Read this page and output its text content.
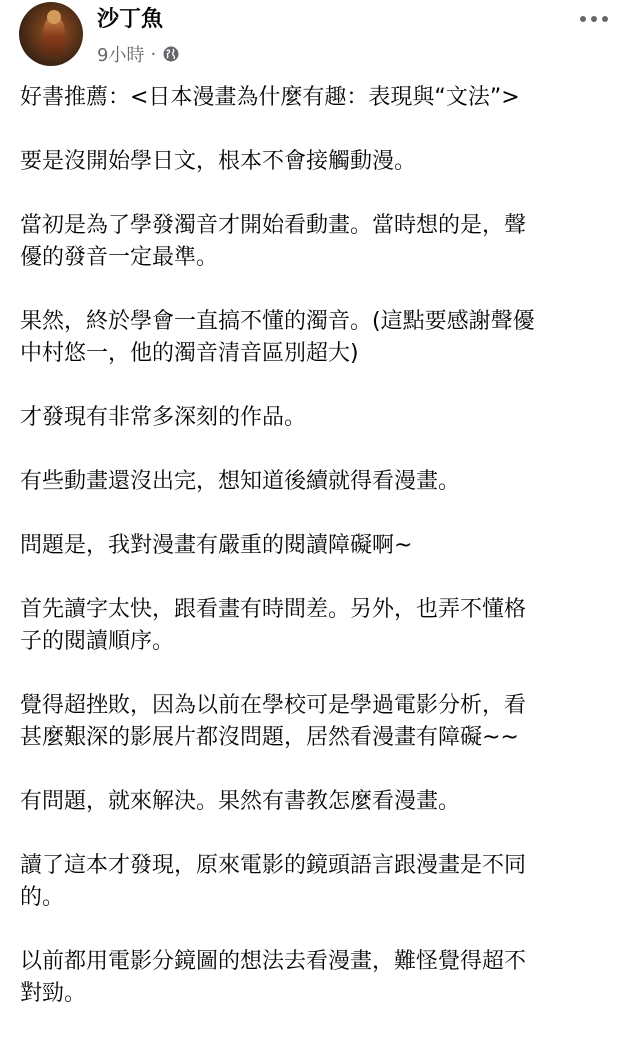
沙丁魚
9小時 ·

好書推薦：<日本漫畫為什麼有趣：表現與“文法”>

要是沒開始學日文，根本不會接觸動漫。

當初是為了學發濁音才開始看動畫。當時想的是，聲
優的發音一定最準。

果然，終於學會一直搞不懂的濁音。(這點要感謝聲優
中村悠一，他的濁音清音區別超大)

才發現有非常多深刻的作品。

有些動畫還沒出完，想知道後續就得看漫畫。

問題是，我對漫畫有嚴重的閱讀障礙啊~

首先讀字太快，跟看畫有時間差。另外，也弄不懂格
子的閱讀順序。

覺得超挫敗，因為以前在學校可是學過電影分析，看
甚麼艱深的影展片都沒問題，居然看漫畫有障礙~~

有問題，就來解決。果然有書教怎麼看漫畫。

讀了這本才發現，原來電影的鏡頭語言跟漫畫是不同
的。

以前都用電影分鏡圖的想法去看漫畫，難怪覺得超不
對勁。
